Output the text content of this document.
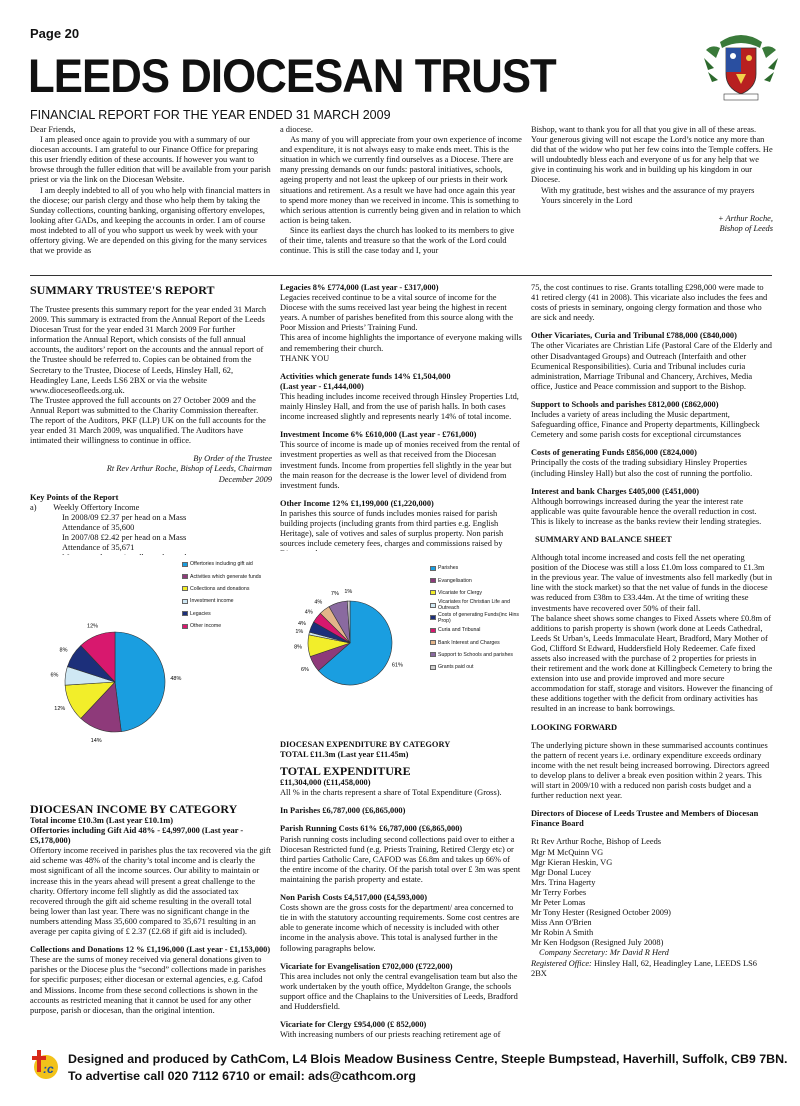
Page 20
LEEDS DIOCESAN TRUST
FINANCIAL REPORT FOR THE YEAR ENDED 31 MARCH 2009

Dear Friends,

I am pleased once again to provide you with a summary of our diocesan accounts. I am grateful to our Finance Office for preparing this user friendly edition of these accounts. If however you want to browse through the fuller edition that will be available from your parish priest or via the link on the Diocesan Website.

I am deeply indebted to all of you who help with financial matters in the diocese; our parish clergy and those who help them by taking the Sunday collections, counting banking, organising offertory envelopes, looking after GADs, and keeping the accounts in order. I am of course most indebted to all of you who support us week by week with your offertory giving. We are depended on this giving for the many services that we provide as

a diocese.

As many of you will appreciate from your own experience of income and expenditure, it is not always easy to make ends meet. This is the situation in which we currently find ourselves as a Diocese. There are many pressing demands on our funds: pastoral initiatives, schools, ageing property and not least the upkeep of our priests in their work situations and retirement. As a result we have had once again this year to spend more money than we received in income. This is something to which serious attention is currently being given and in relation to which action is being taken.

Since its earliest days the church has looked to its members to give of their time, talents and treasure so that the work of the Lord could continue. This is still the case today and I, your

Bishop, want to thank you for all that you give in all of these areas. Your generous giving will not escape the Lord’s notice any more than did that of the widow who put her few coins into the Temple coffers. He will undoubtedly bless each and everyone of us for any help that we give in continuing his work and in building up his kingdom in our Diocese.

With my gratitude, best wishes and the assurance of my prayers

Yours sincerely in the Lord

+ Arthur Roche,

Bishop of Leeds

SUMMARY TRUSTEE'S REPORT

The Trustee presents this summary report for the year ended 31 March 2009. This summary is extracted from the Annual Report of the Leeds Diocesan Trust for the year ended 31 March 2009 For further information the Annual Report, which consists of the full annual accounts, the auditors’ report on the accounts and the annual report of the Trustee should be referred to. Copies can be obtained from the Secretary to the Trustee, Diocese of Leeds, Hinsley Hall, 62, Headingley Lane, Leeds LS6 2BX or via the website www.dioceseofleeds.org.uk.

The Trustee approved the full accounts on 27 October 2009 and the Annual Report was submitted to the Charity Commission thereafter. The report of the Auditors, PKF (LLP) UK on the full accounts for the year ended 31 March 2009, was unqualified. The Auditors have intimated their willingness to continue in office.

By Order of the Trustee

Rt Rev Arthur Roche, Bishop of Leeds, Chairman

December 2009

Key Points of the Report

a)        Weekly Offertory Income

In 2008/09 £2.37 per head on a Mass

Attendance of 35,600

In 2007/08 £2.42 per head on a Mass

Attendance of 35,671

48%
14%
12%
6%
8%
12%
Offertories including gift aid
Activities which generate funds
Collections and donations
Investment income
Legacies
Other income

DIOCESAN INCOME BY CATEGORY

Total income £10.3m (Last year £10.1m)

Offertories including Gift Aid 48% - £4,997,000 (Last year - £5,178,000)

Offertory income received in parishes plus the tax recovered via the gift aid scheme was 48% of the charity’s total income and is clearly the most significant of all the income sources. Our ability to maintain or increase this in the years ahead will present a great challenge to the charity. Offertory income fell slightly as did the associated tax recovered through the gift aid scheme resulting in the overall total being lower than last year. There was no significant change in the numbers attending Mass 35,600 compared to 35,671 resulting in an average per capita giving of £ 2.37 (£2.68 if gift aid is included).

Collections and Donations 12 % £1,196,000 (Last year - £1,153,000)

These are the sums of money received via general donations given to parishes or the Diocese plus the “second” collections made in parishes for specific purposes; either diocesan or external agencies, e.g. Cafod and Missions. Income from these second collections is shown in the accounts as restricted meaning that it cannot be used for any other purpose, parish or diocesan, than the original intention.

Legacies 8% £774,000 (Last year - £317,000)

Legacies received continue to be a vital source of income for the Diocese with the sums received last year being the highest in recent years. A number of parishes benefited from this source along with the Poor Mission and Priests’ Training Fund.

This area of income highlights the importance of everyone making wills and remembering their church.

THANK YOU

Activities which generate funds 14% £1,504,000

(Last year - £1,444,000)

This heading includes income received through Hinsley Properties Ltd, mainly Hinsley Hall, and from the use of parish halls. In both cases income increased slightly and represents nearly 14% of total income.

Investment Income 6% £610,000 (Last year - £761,000)

This source of income is made up of monies received from the rental of investment properties as well as that received from the Diocesan investment funds. Income from properties fell slightly in the year but the main reason for the decrease is the lower level of dividend from investment funds.

Other Income 12% £1,199,000 (£1,220,000)

In parishes this source of funds includes monies raised for parish building projects (including grants from third parties e.g. English Heritage), sale of votives and sales of surplus property. Non parish sources include cemetery fees, charges and commissions raised by

61%
6%
8%
1%
4%
4%
4%
7% 1%
Parishes
Evangelisation
Vicariate for Clergy
Vicariates for Christian Life and Outreach
Costs of generating Funds(inc Hins Prop)
Curia and Tribunal
Bank Interest and Charges
Support to Schools and parishes
Grants paid out

DIOCESAN EXPENDITURE BY CATEGORY

TOTAL £11.3m (Last year £11.45m)

TOTAL EXPENDITURE

£11,304,000 (£11,458,000)

All % in the charts represent a share of Total Expenditure (Gross).

In Parishes £6,787,000 (£6,865,000)

Parish Running Costs 61% £6,787,000 (£6,865,000)

Parish running costs including second collections paid over to either a Diocesan Restricted fund (e.g. Priests Training, Retired Clergy etc) or third parties Catholic Care, CAFOD was £6.8m and takes up 66% of the entire income of the charity. Of the parish total over £ 3m was spent maintaining the parish property and estate.

Non Parish Costs £4,517,000 (£4,593,000)

Costs shown are the gross costs for the department/ area concerned to tie in with the statutory accounting requirements. Some cost centres are able to generate income which of necessity is included with other income in the analysis above. This total is analysed further in the following paragraphs below.

Vicariate for Evangelisation £702,000 (£722,000)

This area includes not only the central evangelisation team but also the work undertaken by the youth office, Myddelton Grange, the schools support office and the Chaplains to the Universities of Leeds, Bradford and Huddersfield.

Vicariate for Clergy £954,000 (£ 852,000)

With increasing numbers of our priests reaching retirement age of

75, the cost continues to rise. Grants totalling £298,000 were made to 41 retired clergy (41 in 2008). This vicariate also includes the fees and costs of priests in seminary, ongoing clergy formation and those who are sick and needy.

Other Vicariates, Curia and Tribunal £788,000 (£840,000)

The other Vicariates are Christian Life (Pastoral Care of the Elderly and other Disadvantaged Groups) and Outreach (Interfaith and other Ecumenical Responsibilities). Curia and Tribunal includes curia administration, Marriage Tribunal and Chancery, Archives, Media office, Justice and Peace commission and support to the Bishop.

Support to Schools and parishes £812,000 (£862,000)

Includes a variety of areas including the Music department, Safeguarding office, Finance and Property departments, Killingbeck Cemetery and some parish costs for exceptional circumstances

Costs of generating Funds £856,000 (£824,000)

Principally the costs of the trading subsidiary Hinsley Properties (including Hinsley Hall) but also the cost of running the portfolio.

Interest and bank Charges £405,000 (£451,000)

Although borrowings increased during the year the interest rate applicable was quite favourable hence the overall reduction in cost. This is likely to increase as the banks review their lending strategies.

SUMMARY AND BALANCE SHEET

Although total income increased and costs fell the net operating position of the Diocese was still a loss £1.0m loss compared to £1.3m in the previous year. The value of investments also fell markedly (but in line with the stock market) so that the net value of funds in the diocese was reduced from £38m to £33.44m. At the time of writing these investments have recovered over 50% of their fall.

The balance sheet shows some changes to Fixed Assets where £0.8m of additions to parish property is shown (work done at Leeds Cathedral, Leeds St Urban’s, Leeds Immaculate Heart, Bradford, Mary Mother of God, Clifford St Edward, Huddersfield Holy Redeemer. Cafe fixed assets also increased with the purchase of 2 properties for priests in their retirement and the work done at Killingbeck Cemetery to bring the extension into use and provide improved and more secure accommodation for staff, storage and visitors. However the financing of these additions together with the deficit from ordinary activities has resulted in an increase to bank borrowings.

LOOKING FORWARD

The underlying picture shown in these summarised accounts continues the pattern of recent years i.e. ordinary expenditure exceeds ordinary income with the net result being increased borrowing. Directors agreed to develop plans to deliver a break even position within 2 years. This will start in 2009/10 with a reduced non parish costs budget and a further reduction next year.

Directors of Diocese of Leeds Trustee and Members of Diocesan Finance Board

Rt Rev Arthur Roche, Bishop of Leeds

Mgr M McQuinn VG

Mgr Kieran Heskin, VG

Mgr Donal Lucey

Mrs. Trina Hagerty

Mr Terry Forbes

Mr Peter Lomas

Mr Tony Hester (Resigned October 2009)

Miss Ann O'Brien

Mr Robin A Smith

Mr Ken Hodgson (Resigned July 2008)

Company Secretary: Mr David R Herd

Registered Office: Hinsley Hall, 62, Headingley Lane, LEEDS LS6 2BX

:c
Designed and produced by CathCom, L4 Blois Meadow Business Centre, Steeple Bumpstead, Haverhill, Suffolk, CB9 7BN.
To advertise call 020 7112 6710 or email: ads@cathcom.org
